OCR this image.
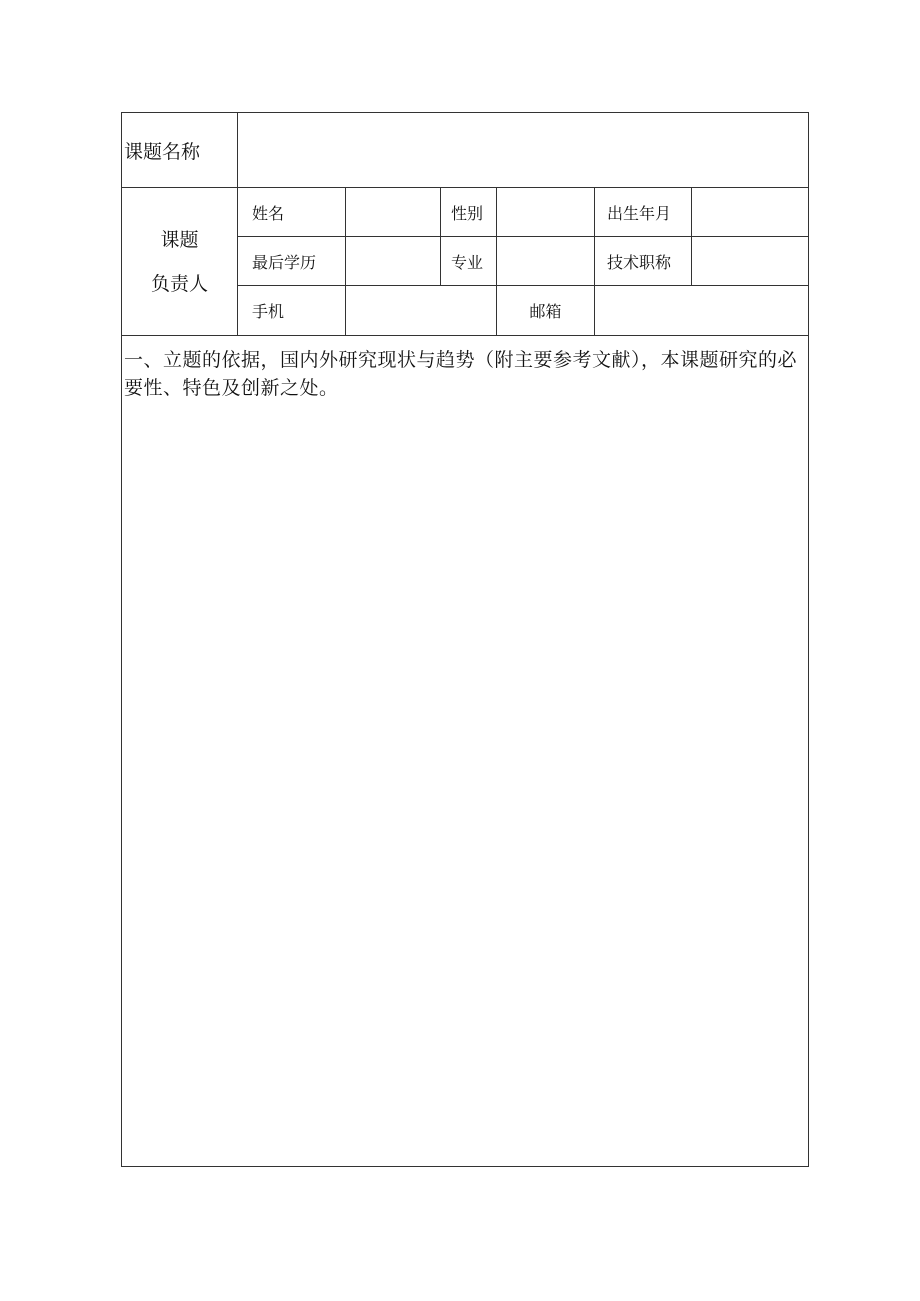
课题名称						

课题
负责人	姓名		性别		出生年月	
	最后学历		专业		技术职称	
	手机			邮箱		

一、立题的依据，国内外研究现状与趋势（附主要参考文献），本课题研究的必要性、特色及创新之处。						
